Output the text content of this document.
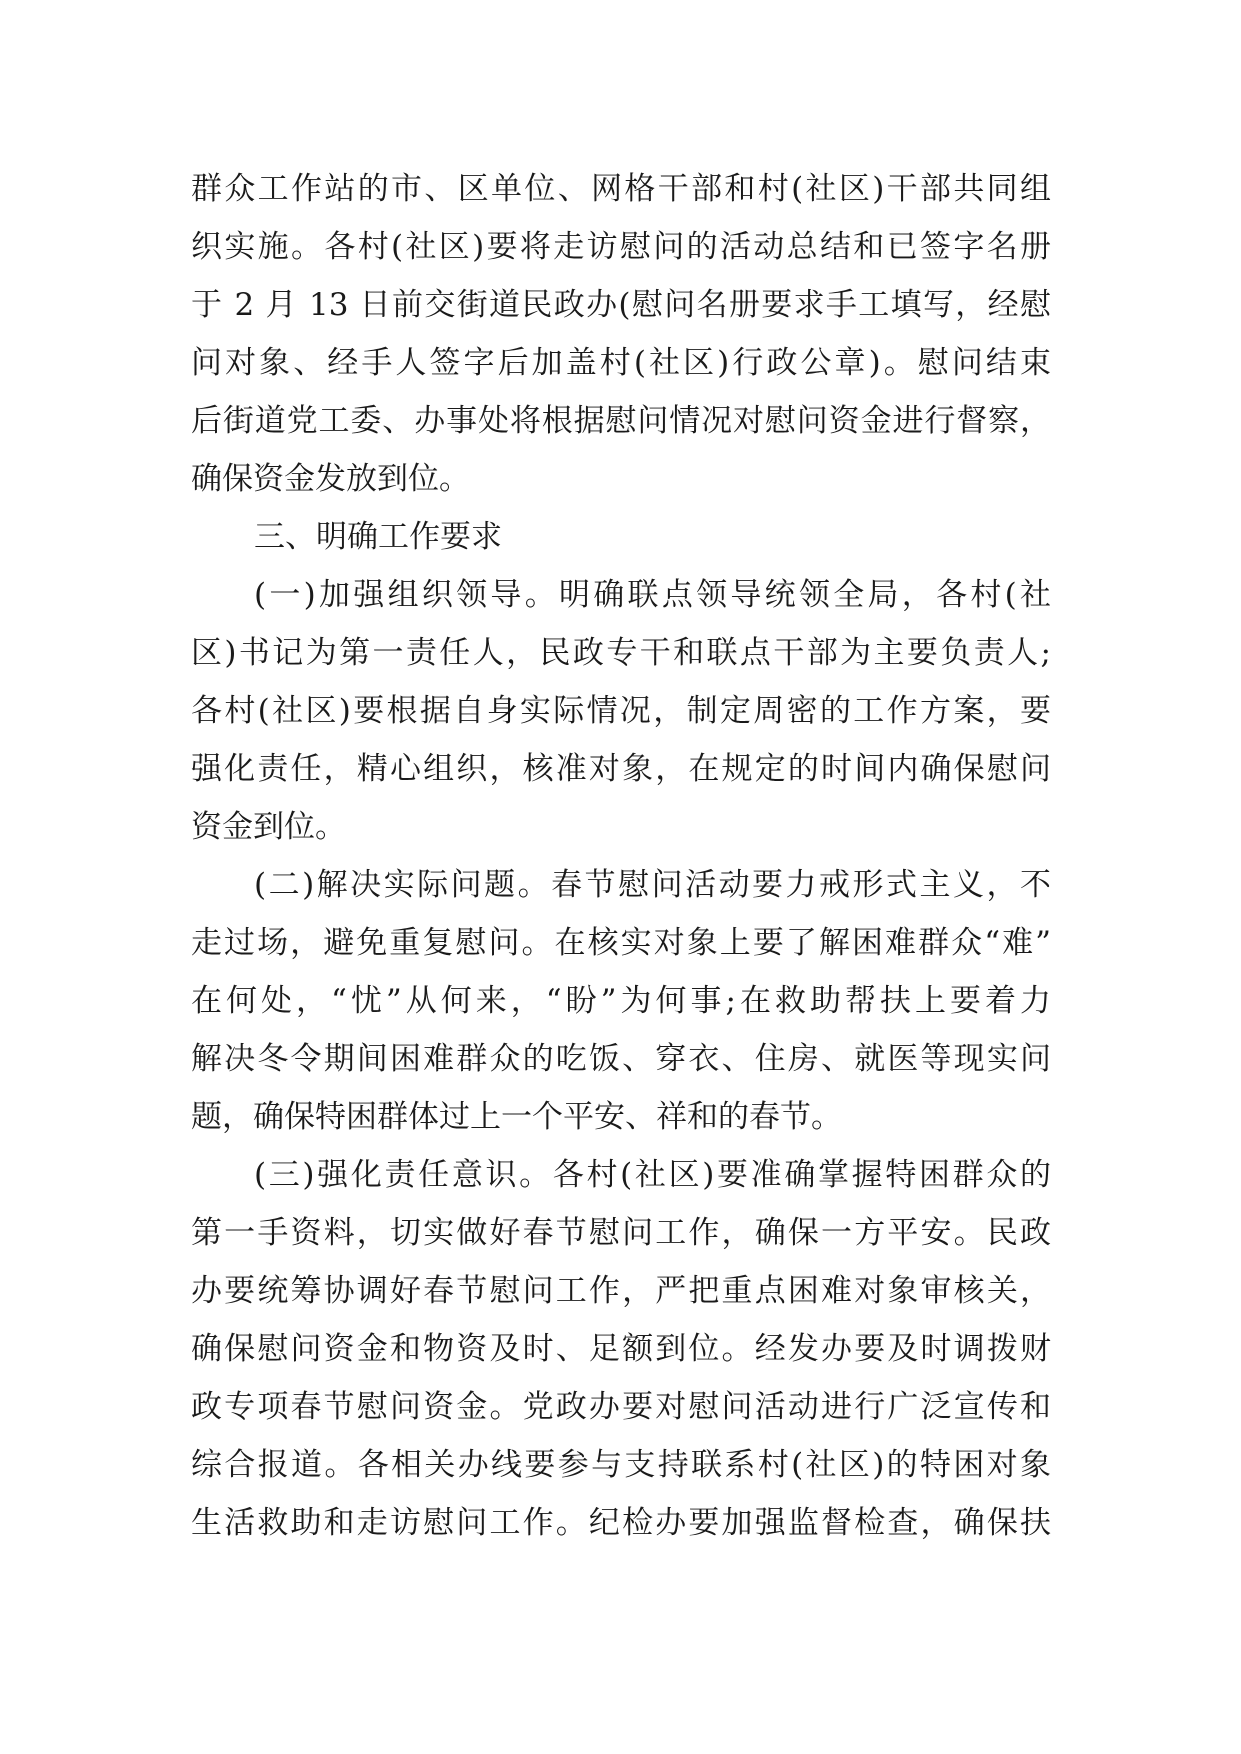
群众工作站的市、区单位、网格干部和村(社区)干部共同组
织实施。各村(社区)要将走访慰问的活动总结和已签字名册
于 2 月 13 日前交街道民政办(慰问名册要求手工填写，经慰
问对象、经手人签字后加盖村(社区)行政公章)。慰问结束
后街道党工委、办事处将根据慰问情况对慰问资金进行督察，
确保资金发放到位。
三、明确工作要求
(一)加强组织领导。明确联点领导统领全局，各村(社
区)书记为第一责任人，民政专干和联点干部为主要负责人;
各村(社区)要根据自身实际情况，制定周密的工作方案，要
强化责任，精心组织，核准对象，在规定的时间内确保慰问
资金到位。
(二)解决实际问题。春节慰问活动要力戒形式主义，不
走过场，避免重复慰问。在核实对象上要了解困难群众“难”
在何处，“忧”从何来，“盼”为何事;在救助帮扶上要着力
解决冬令期间困难群众的吃饭、穿衣、住房、就医等现实问
题，确保特困群体过上一个平安、祥和的春节。
(三)强化责任意识。各村(社区)要准确掌握特困群众的
第一手资料，切实做好春节慰问工作，确保一方平安。民政
办要统筹协调好春节慰问工作，严把重点困难对象审核关，
确保慰问资金和物资及时、足额到位。经发办要及时调拨财
政专项春节慰问资金。党政办要对慰问活动进行广泛宣传和
综合报道。各相关办线要参与支持联系村(社区)的特困对象
生活救助和走访慰问工作。纪检办要加强监督检查，确保扶
